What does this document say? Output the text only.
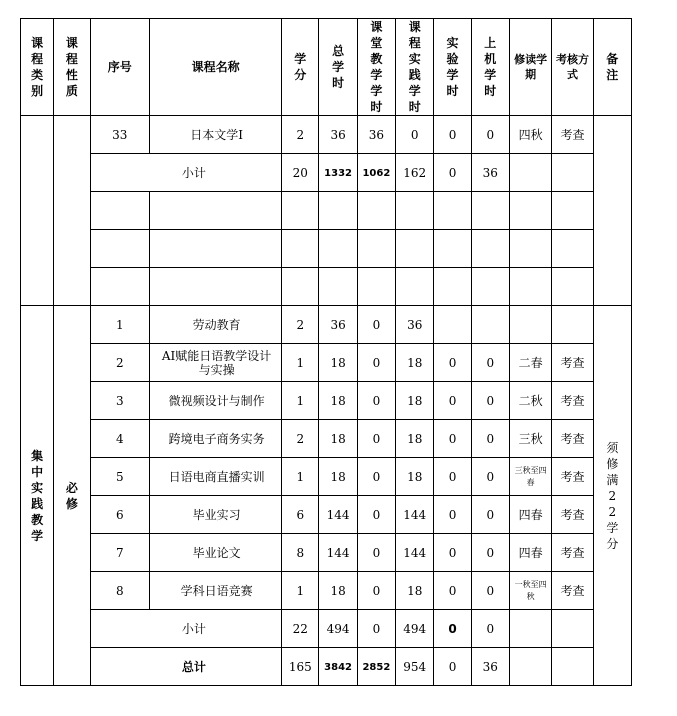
课程类别	课程性质	序号	课程名称	学分	总学时	课堂教学学时	课程实践学时	实验学时	上机学时	修读学期	考核方式	备注
		33	日本文学Ⅰ	2	36	36	0	0	0	四秋	考查	
		小计		20	1332	1062	162	0	36			

集中实践教学	必修	1	劳动教育	2	36	0	36					须修满22学分
		2	AI赋能日语教学设计与实操	1	18	0	18	0	0	二春	考查	
		3	微视频设计与制作	1	18	0	18	0	0	二秋	考查	
		4	跨境电子商务实务	2	18	0	18	0	0	三秋	考查	
		5	日语电商直播实训	1	18	0	18	0	0	三秋至四春	考查	
		6	毕业实习	6	144	0	144	0	0	四春	考查	
		7	毕业论文	8	144	0	144	0	0	四春	考查	
		8	学科日语竞赛	1	18	0	18	0	0	一秋至四秋	考查	
		小计		22	494	0	494	0	0			
		总计		165	3842	2852	954	0	36			
